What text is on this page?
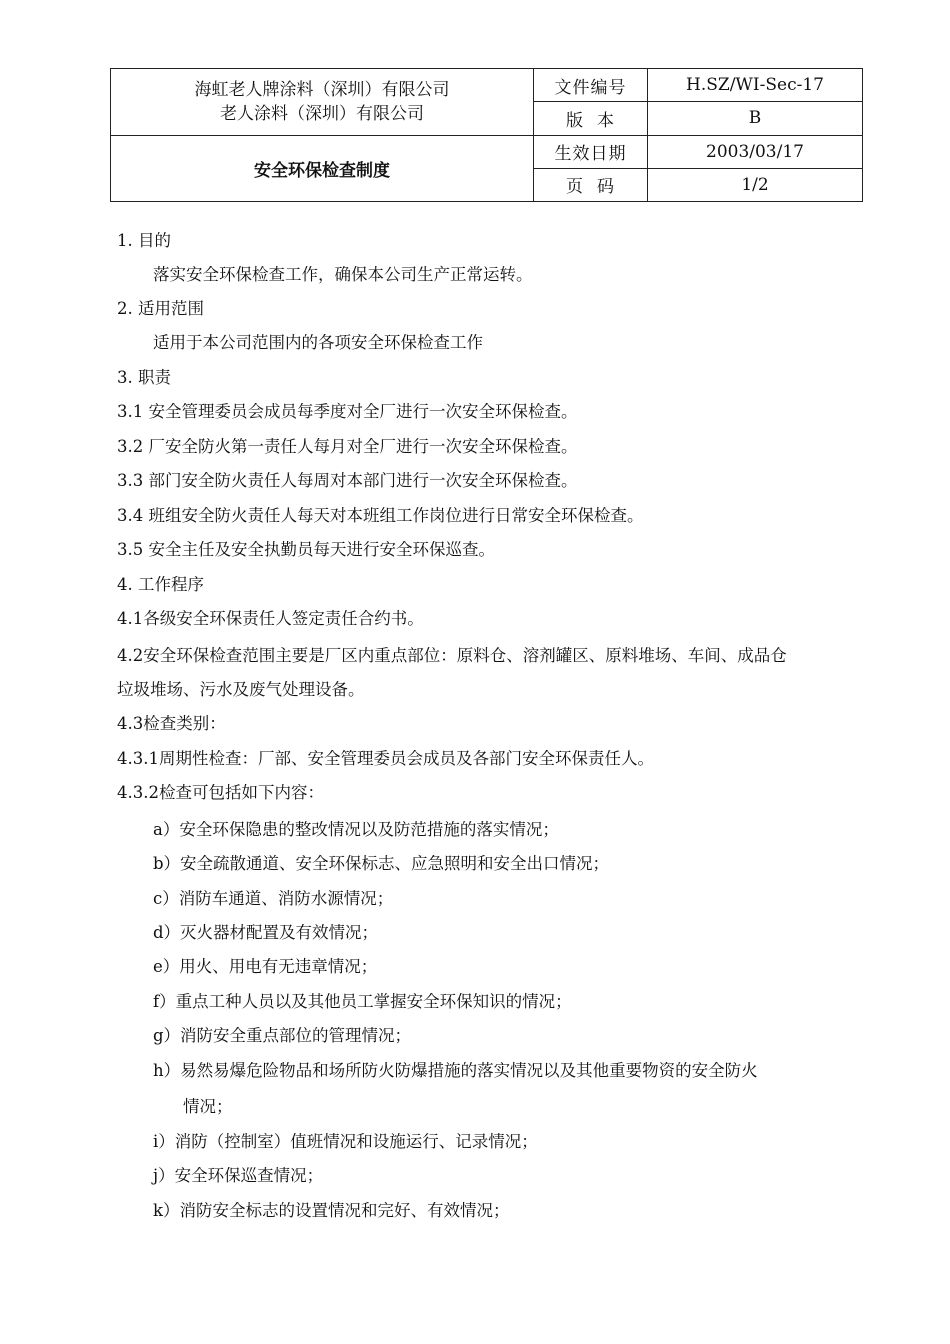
海虹老人牌涂料（深圳）有限公司
老人涂料（深圳）有限公司	文件编号	H.SZ/WI-Sec-17
	版本	B
安全环保检查制度	生效日期	2003/03/17
	页码	1/2
1. 目的
落实安全环保检查工作，确保本公司生产正常运转。
2. 适用范围
适用于本公司范围内的各项安全环保检查工作
3. 职责
3.1 安全管理委员会成员每季度对全厂进行一次安全环保检查。
3.2 厂安全防火第一责任人每月对全厂进行一次安全环保检查。
3.3 部门安全防火责任人每周对本部门进行一次安全环保检查。
3.4 班组安全防火责任人每天对本班组工作岗位进行日常安全环保检查。
3.5 安全主任及安全执勤员每天进行安全环保巡查。
4. 工作程序
4.1各级安全环保责任人签定责任合约书。
4.2安全环保检查范围主要是厂区内重点部位：原料仓、溶剂罐区、原料堆场、车间、成品仓
垃圾堆场、污水及废气处理设备。
4.3检查类别：
4.3.1周期性检查：厂部、安全管理委员会成员及各部门安全环保责任人。
4.3.2检查可包括如下内容：
a）安全环保隐患的整改情况以及防范措施的落实情况；
b）安全疏散通道、安全环保标志、应急照明和安全出口情况；
c）消防车通道、消防水源情况；
d）灭火器材配置及有效情况；
e）用火、用电有无违章情况；
f）重点工种人员以及其他员工掌握安全环保知识的情况；
g）消防安全重点部位的管理情况；
h）易然易爆危险物品和场所防火防爆措施的落实情况以及其他重要物资的安全防火
情况；
i）消防（控制室）值班情况和设施运行、记录情况；
j）安全环保巡查情况；
k）消防安全标志的设置情况和完好、有效情况；
